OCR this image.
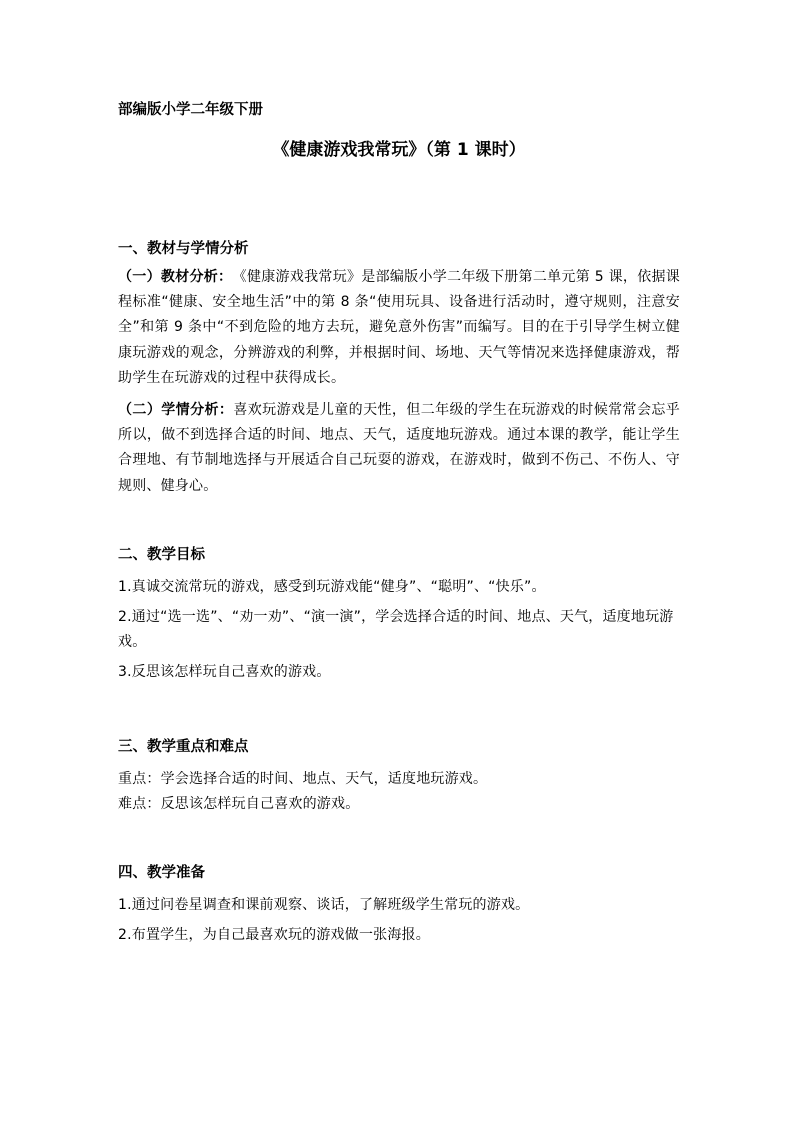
部编版小学二年级下册
《健康游戏我常玩》（第 1 课时）
一、教材与学情分析
（一）教材分析：　《健康游戏我常玩》是部编版小学二年级下册第二单元第 5 课，依据课程标准“健康、安全地生活”中的第 8 条“使用玩具、设备进行活动时，遵守规则，注意安全”和第 9 条中“不到危险的地方去玩，避免意外伤害”而编写。目的在于引导学生树立健康玩游戏的观念，分辨游戏的利弊，并根据时间、场地、天气等情况来选择健康游戏，帮助学生在玩游戏的过程中获得成长。
（二）学情分析：喜欢玩游戏是儿童的天性，但二年级的学生在玩游戏的时候常常会忘乎所以，做不到选择合适的时间、地点、天气，适度地玩游戏。通过本课的教学，能让学生合理地、有节制地选择与开展适合自己玩耍的游戏，在游戏时，做到不伤己、不伤人、守规则、健身心。
二、教学目标
1.真诚交流常玩的游戏，感受到玩游戏能“健身”、“聪明”、“快乐”。
2.通过“选一选”、“劝一劝”、“演一演”，学会选择合适的时间、地点、天气，适度地玩游戏。
3.反思该怎样玩自己喜欢的游戏。
三、教学重点和难点
重点：学会选择合适的时间、地点、天气，适度地玩游戏。
难点：反思该怎样玩自己喜欢的游戏。
四、教学准备
1.通过问卷星调查和课前观察、谈话，了解班级学生常玩的游戏。
2.布置学生，为自己最喜欢玩的游戏做一张海报。
